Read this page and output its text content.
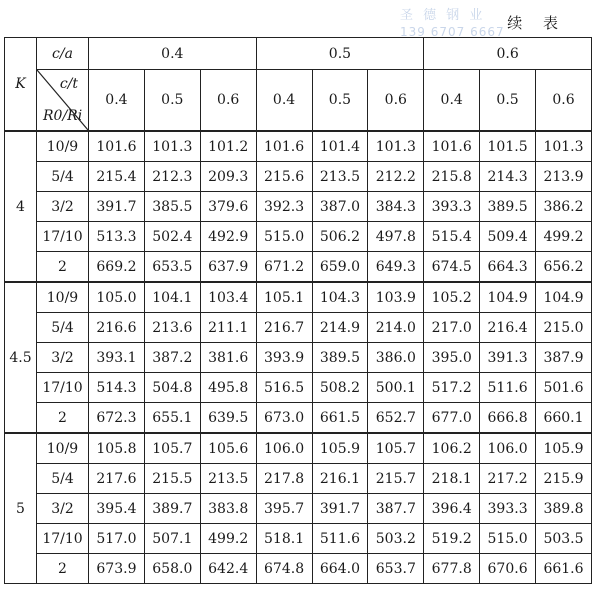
圣 德 钢 业
139 6707 6667 续 表
K	c/a	0.4			0.5			0.6		

	c/t
R0/Ri	0.4	0.5	0.6	0.4	0.5	0.6	0.4	0.5	0.6
4	10/9	101.6	101.3	101.2	101.6	101.4	101.3	101.6	101.5	101.3
	5/4	215.4	212.3	209.3	215.6	213.5	212.2	215.8	214.3	213.9
	3/2	391.7	385.5	379.6	392.3	387.0	384.3	393.3	389.5	386.2
	17/10	513.3	502.4	492.9	515.0	506.2	497.8	515.4	509.4	499.2
	2	669.2	653.5	637.9	671.2	659.0	649.3	674.5	664.3	656.2
4.5	10/9	105.0	104.1	103.4	105.1	104.3	103.9	105.2	104.9	104.9
	5/4	216.6	213.6	211.1	216.7	214.9	214.0	217.0	216.4	215.0
	3/2	393.1	387.2	381.6	393.9	389.5	386.0	395.0	391.3	387.9
	17/10	514.3	504.8	495.8	516.5	508.2	500.1	517.2	511.6	501.6
	2	672.3	655.1	639.5	673.0	661.5	652.7	677.0	666.8	660.1
5	10/9	105.8	105.7	105.6	106.0	105.9	105.7	106.2	106.0	105.9
	5/4	217.6	215.5	213.5	217.8	216.1	215.7	218.1	217.2	215.9
	3/2	395.4	389.7	383.8	395.7	391.7	387.7	396.4	393.3	389.8
	17/10	517.0	507.1	499.2	518.1	511.6	503.2	519.2	515.0	503.5
	2	673.9	658.0	642.4	674.8	664.0	653.7	677.8	670.6	661.6
